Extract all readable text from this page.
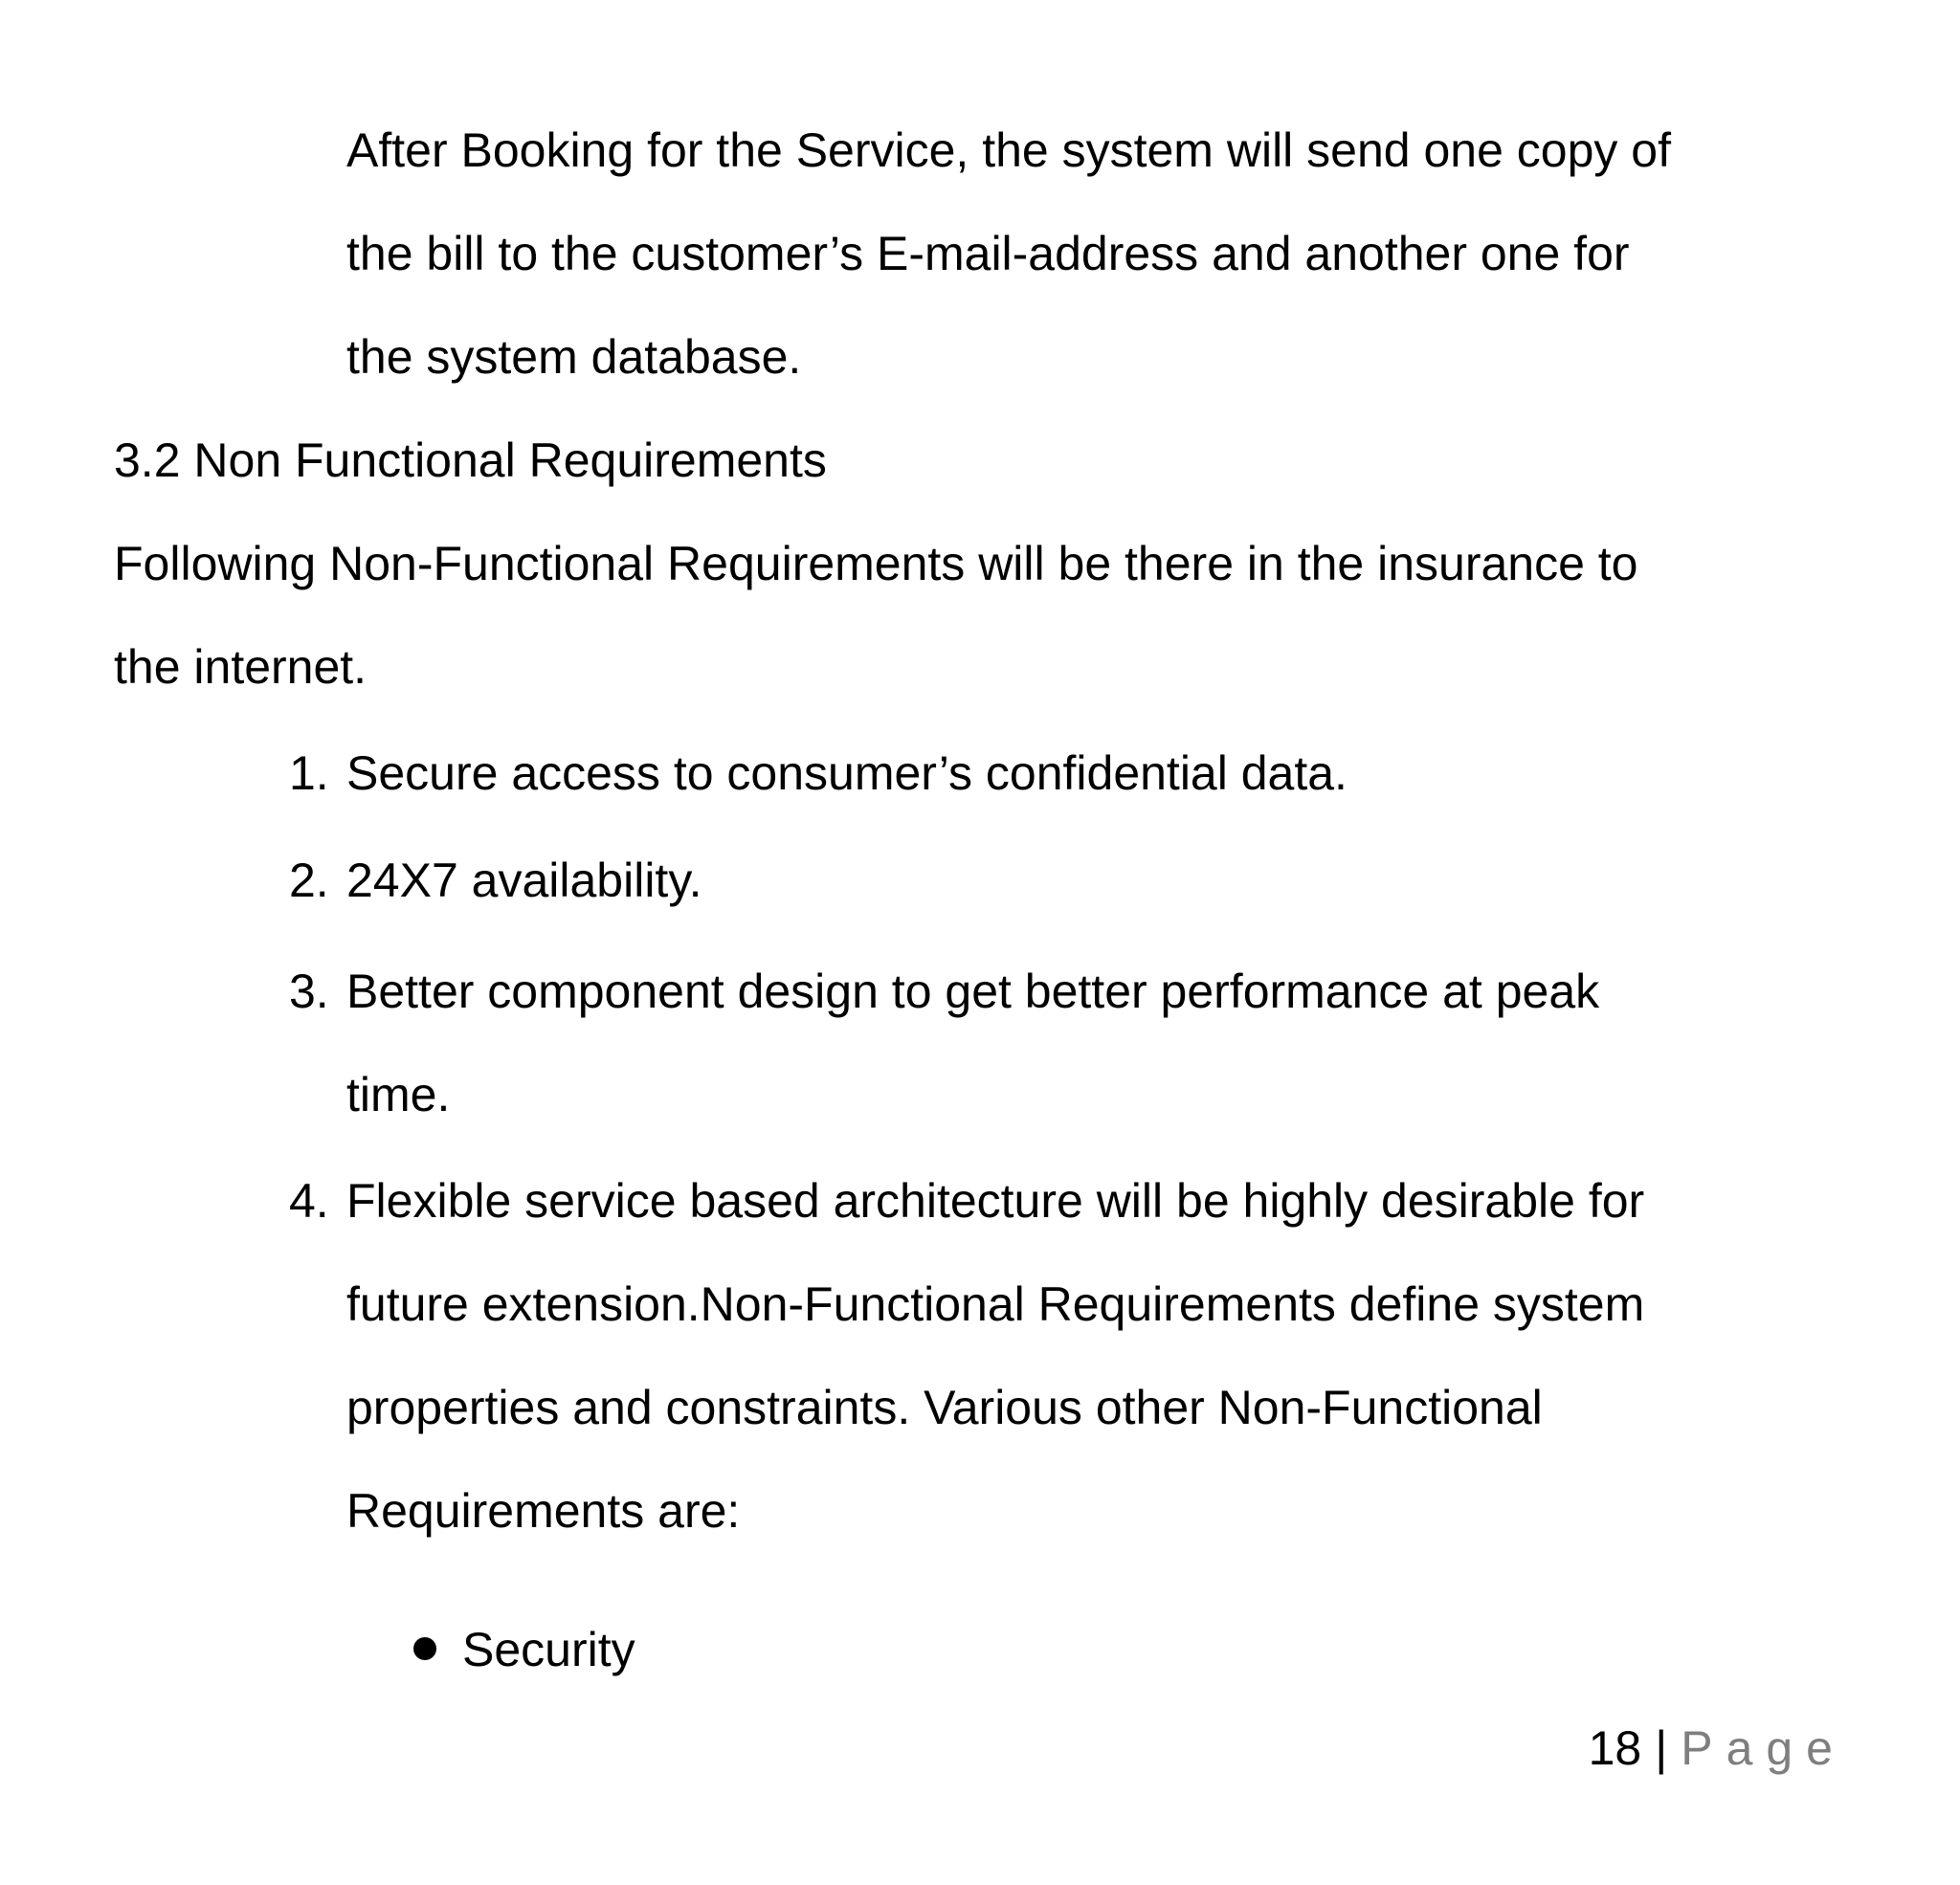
After Booking for the Service, the system will send one copy of
the bill to the customer’s E-mail-address and another one for
the system database.
3.2 Non Functional Requirements
Following Non-Functional Requirements will be there in the insurance to
the internet.
1. Secure access to consumer’s confidential data.
2. 24X7 availability.
3. Better component design to get better performance at peak
time.
4. Flexible service based architecture will be highly desirable for
future extension.Non-Functional Requirements define system
properties and constraints. Various other Non-Functional
Requirements are:
Security
18 | Page
